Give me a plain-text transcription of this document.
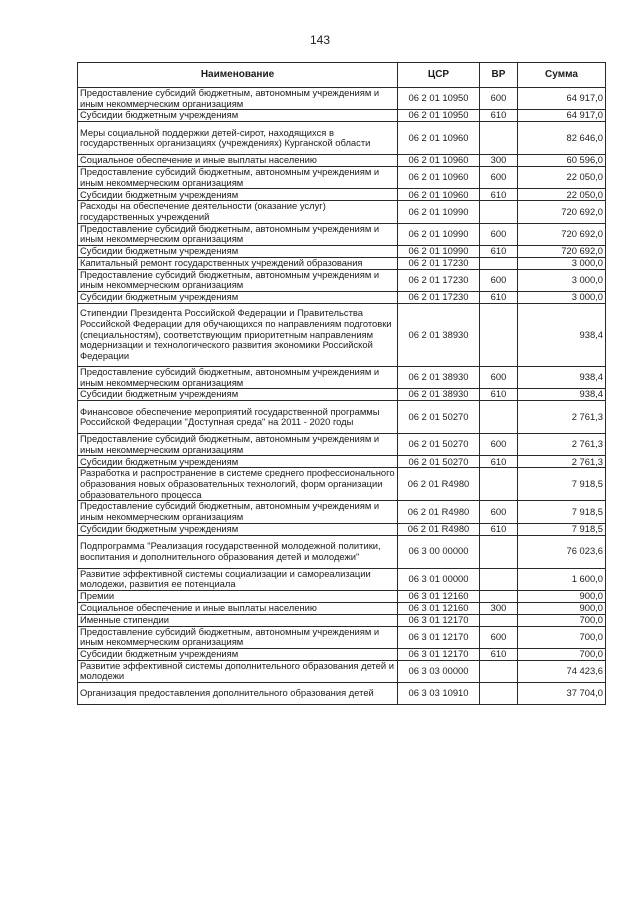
143
Наименование	ЦСР	ВР	Сумма
Предоставление субсидий бюджетным, автономным учреждениям и иным некоммерческим организациям	06 2 01 10950	600	64 917,0
Субсидии бюджетным учреждениям	06 2 01 10950	610	64 917,0
Меры социальной поддержки детей-сирот, находящихся в государственных организациях (учреждениях) Курганской области	06 2 01 10960		82 646,0
Социальное обеспечение и иные выплаты населению	06 2 01 10960	300	60 596,0
Предоставление субсидий бюджетным, автономным учреждениям и иным некоммерческим организациям	06 2 01 10960	600	22 050,0
Субсидии бюджетным учреждениям	06 2 01 10960	610	22 050,0
Расходы на обеспечение деятельности (оказание услуг) государственных учреждений	06 2 01 10990		720 692,0
Предоставление субсидий бюджетным, автономным учреждениям и иным некоммерческим организациям	06 2 01 10990	600	720 692,0
Субсидии бюджетным учреждениям	06 2 01 10990	610	720 692,0
Капитальный ремонт государственных учреждений образования	06 2 01 17230		3 000,0
Предоставление субсидий бюджетным, автономным учреждениям и иным некоммерческим организациям	06 2 01 17230	600	3 000,0
Субсидии бюджетным учреждениям	06 2 01 17230	610	3 000,0
Стипендии Президента Российской Федерации и Правительства Российской Федерации для обучающихся по направлениям подготовки (специальностям), соответствующим приоритетным направлениям модернизации и технологического развития экономики Российской Федерации	06 2 01 38930		938,4
Предоставление субсидий бюджетным, автономным учреждениям и иным некоммерческим организациям	06 2 01 38930	600	938,4
Субсидии бюджетным учреждениям	06 2 01 38930	610	938,4
Финансовое обеспечение мероприятий государственной программы Российской Федерации "Доступная среда" на 2011 - 2020 годы	06 2 01 50270		2 761,3
Предоставление субсидий бюджетным, автономным учреждениям и иным некоммерческим организациям	06 2 01 50270	600	2 761,3
Субсидии бюджетным учреждениям	06 2 01 50270	610	2 761,3
Разработка и распространение в системе среднего профессионального образования новых образовательных технологий, форм организации образовательного процесса	06 2 01 R4980		7 918,5
Предоставление субсидий бюджетным, автономным учреждениям и иным некоммерческим организациям	06 2 01 R4980	600	7 918,5
Субсидии бюджетным учреждениям	06 2 01 R4980	610	7 918,5
Подпрограмма "Реализация государственной молодежной политики, воспитания и дополнительного образования детей и молодежи"	06 3 00 00000		76 023,6
Развитие эффективной системы социализации и самореализации молодежи, развития ее потенциала	06 3 01 00000		1 600,0
Премии	06 3 01 12160		900,0
Социальное обеспечение и иные выплаты населению	06 3 01 12160	300	900,0
Именные стипендии	06 3 01 12170		700,0
Предоставление субсидий бюджетным, автономным учреждениям и иным некоммерческим организациям	06 3 01 12170	600	700,0
Субсидии бюджетным учреждениям	06 3 01 12170	610	700,0
Развитие эффективной системы дополнительного образования детей и молодежи	06 3 03 00000		74 423,6
Организация предоставления дополнительного образования детей	06 3 03 10910		37 704,0
